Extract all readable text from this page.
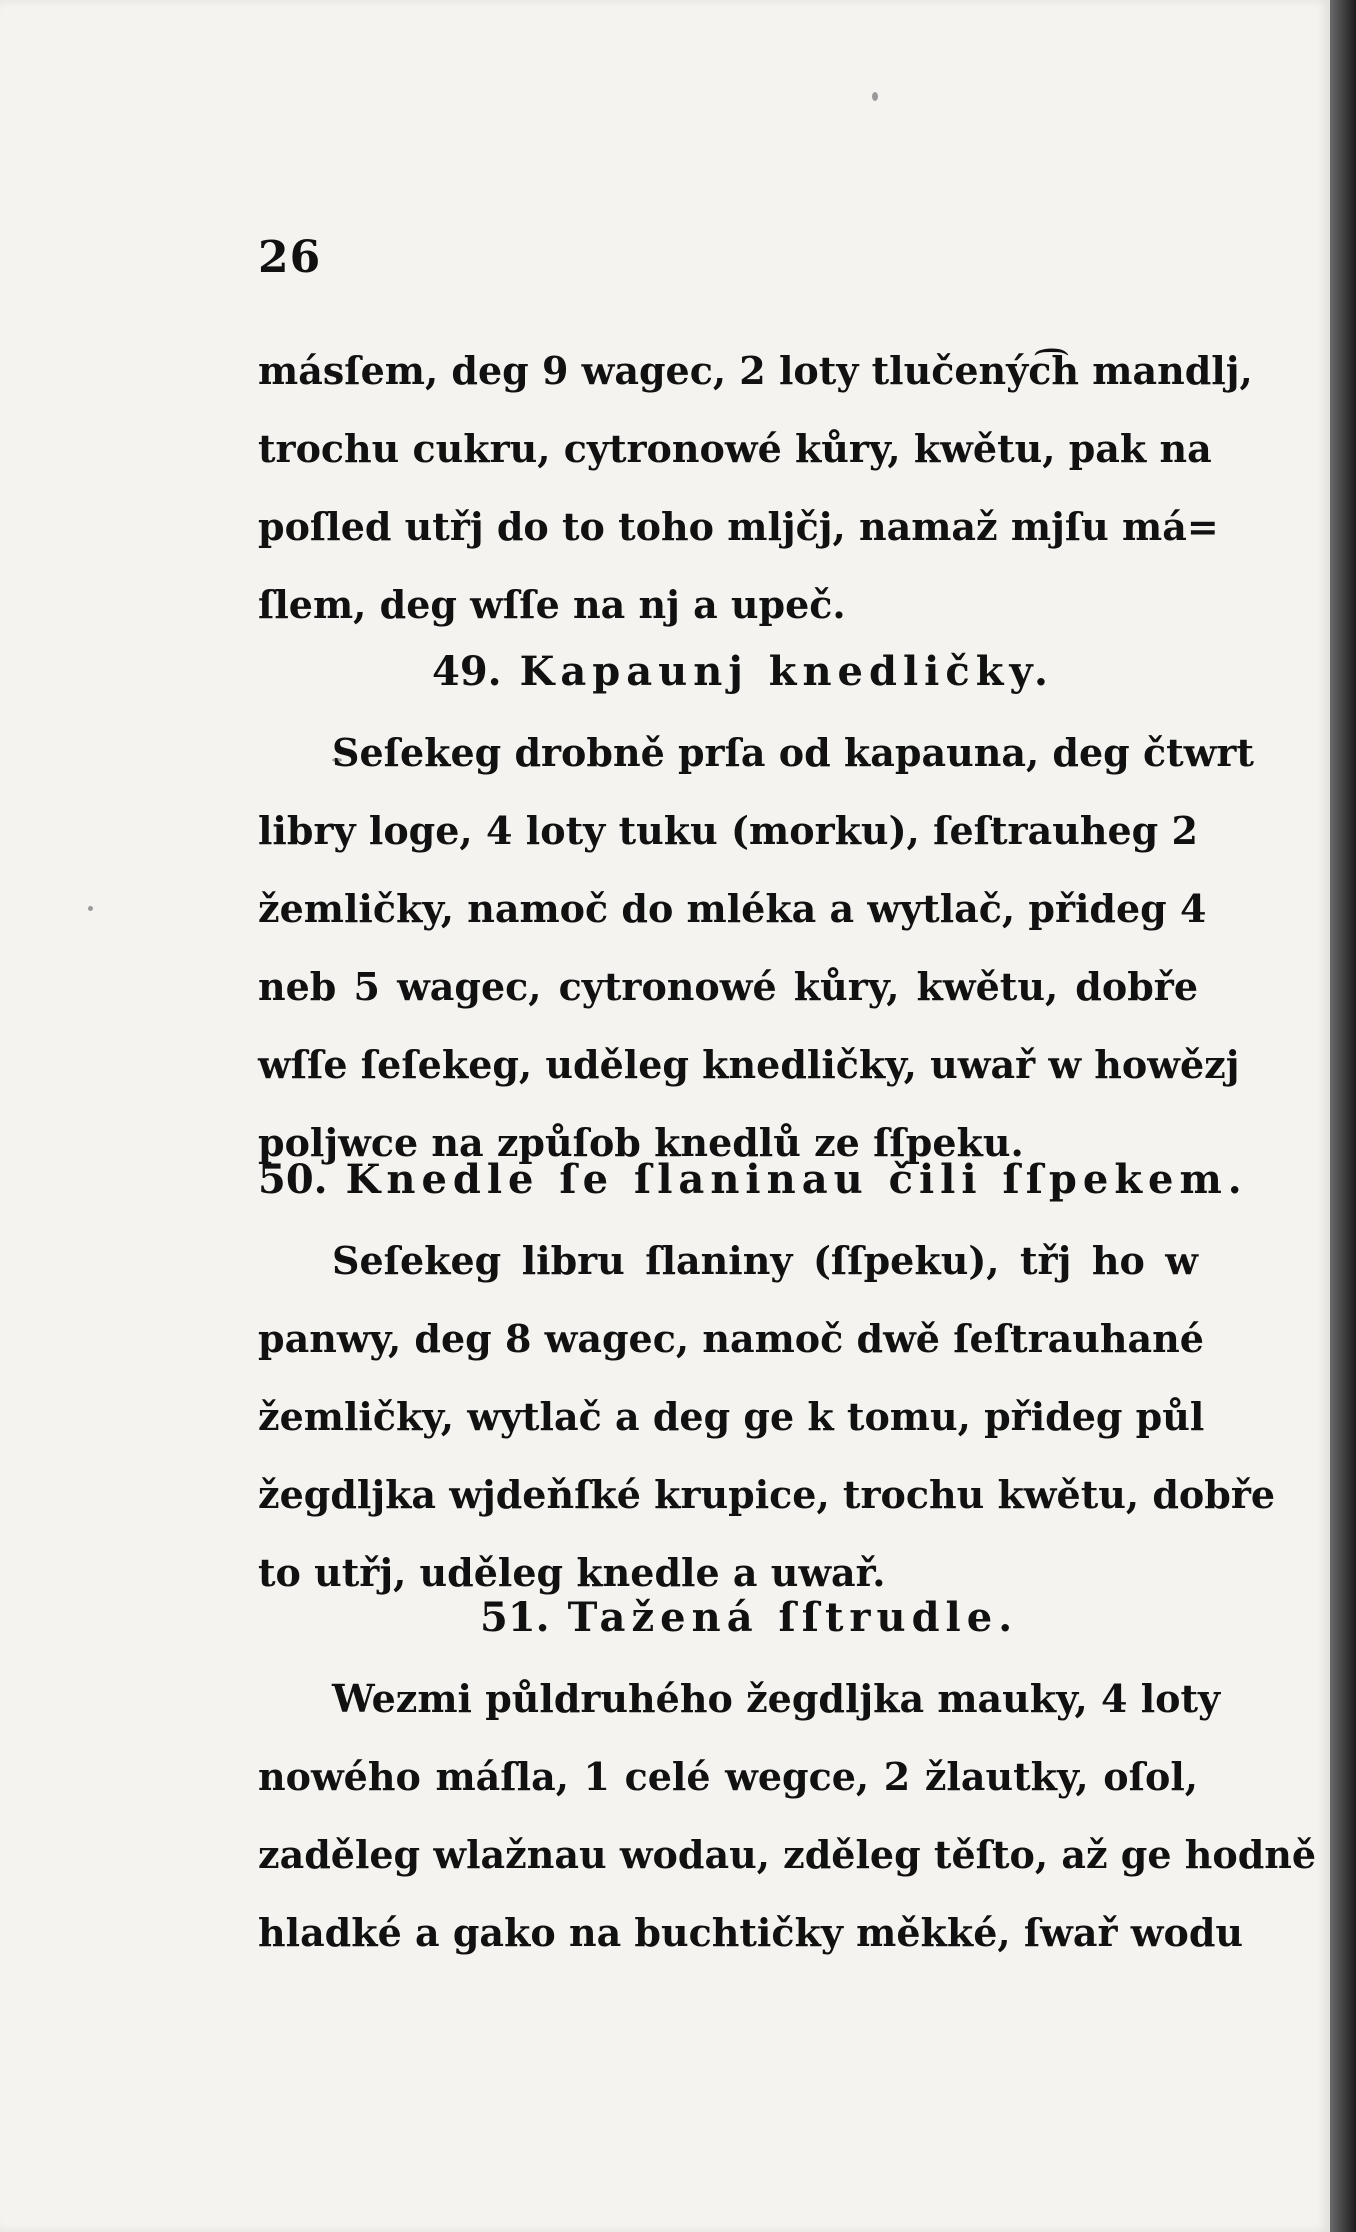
26
másſem, deg 9 wagec, 2 loty tlučenýc͡h mandlj,
trochu cukru, cytronowé kůry, kwětu, pak na
poſled utřj do to toho mljčj, namaž mjſu má=
ſlem, deg wſſe na nj a upeč.
49. Kapaunj knedličky.
Seſekeg drobně prſa od kapauna, deg čtwrt
libry loge, 4 loty tuku (morku), ſeſtrauheg 2
žemličky, namoč do mléka a wytlač, přideg 4
neb 5 wagec, cytronowé kůry, kwětu, dobře
wſſe ſeſekeg, uděleg knedličky, uwař w howězj
poljwce na způſob knedlů ze ſſpeku.
50. Knedle ſe ſlaninau čili ſſpekem.
Seſekeg libru ſlaniny (ſſpeku), třj ho w
panwy, deg 8 wagec, namoč dwě ſeſtrauhané
žemličky, wytlač a deg ge k tomu, přideg půl
žegdljka wjdeňſké krupice, trochu kwětu, dobře
to utřj, uděleg knedle a uwař.
51. Tažená ſſtrudle.
Wezmi půldruhého žegdljka mauky, 4 loty
nowého máſla, 1 celé wegce, 2 žlautky, oſol,
zaděleg wlažnau wodau, zděleg těſto, až ge hodně
hladké a gako na buchtičky měkké, ſwař wodu
